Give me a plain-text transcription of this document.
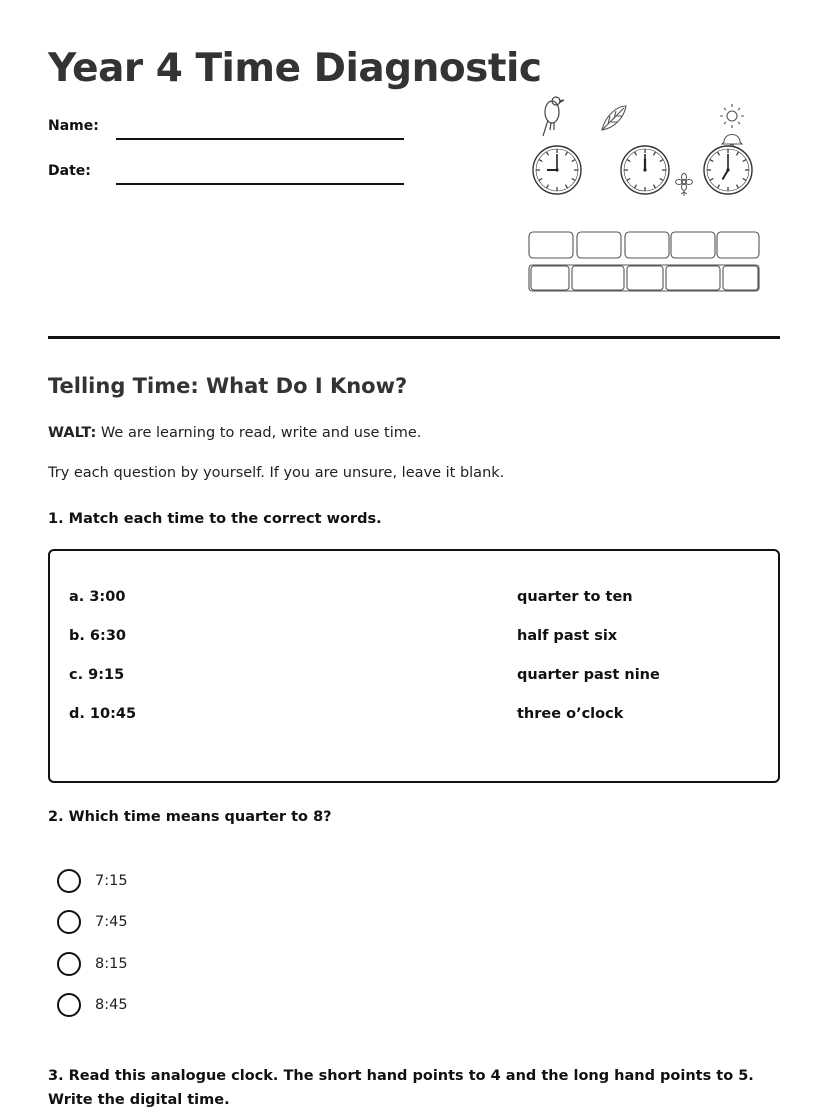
Year 4 Time Diagnostic
Name:
Date:
Telling Time: What Do I Know?
WALT: We are learning to read, write and use time.
Try each question by yourself. If you are unsure, leave it blank.
1. Match each time to the correct words.
a. 3:00
b. 6:30
c. 9:15
d. 10:45
quarter to ten
half past six
quarter past nine
three o’clock
2. Which time means quarter to 8?
7:15
7:45
8:15
8:45
3. Read this analogue clock. The short hand points to 4 and the long hand points to 5. Write the digital time.
